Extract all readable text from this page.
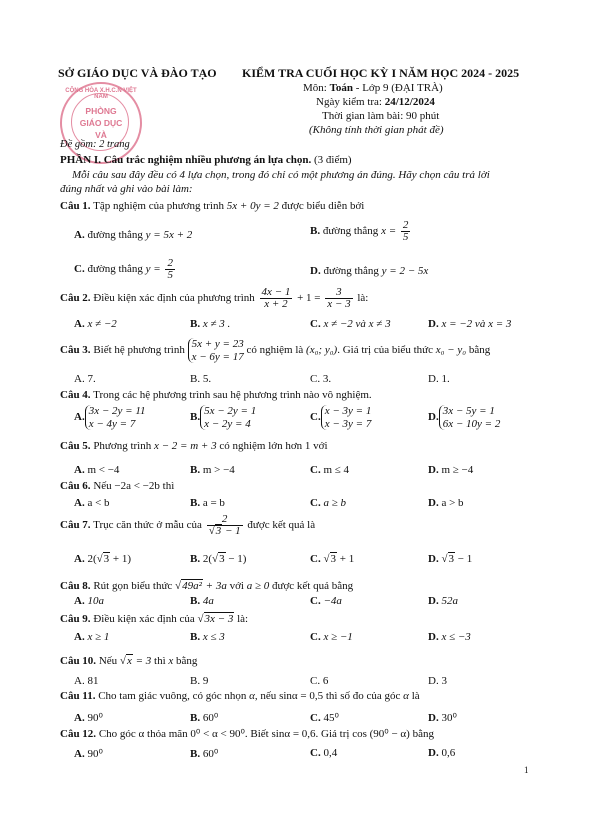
CỘNG HÒA X.H.C.N VIỆT NAM
PHÒNG
GIÁO DỤC
VÀ
SỞ GIÁO DỤC VÀ ĐÀO TẠO KIỂM TRA CUỐI HỌC KỲ I NĂM HỌC 2024 - 2025
Môn: Toán - Lớp 9 (ĐẠI TRÀ)
Ngày kiểm tra: 24/12/2024
Thời gian làm bài: 90 phút
(Không tính thời gian phát đề)
Đề gồm: 2 trang
PHẦN I. Câu trắc nghiệm nhiều phương án lựa chọn. (3 điểm)
Mỗi câu sau đây đều có 4 lựa chọn, trong đó chỉ có một phương án đúng. Hãy chọn câu trả lời
đúng nhất và ghi vào bài làm:
Câu 1. Tập nghiệm của phương trình 5x + 0y = 2 được biểu diễn bởi
A. đường thẳng y = 5x + 2	B. đường thẳng $x = \frac{2}{5}$
C. đường thẳng $y = \frac{2}{5}$	D. đường thẳng y = 2 − 5x
Câu 2. Điều kiện xác định của phương trình $\frac{4x - 1}{x + 2} + 1 = \frac{3}{x - 3}$ là:
A. x ≠ −2	B. x ≠ 3 .	C. x ≠ −2 và x ≠ 3	D. x = −2 và x = 3
Câu 3. Biết hệ phương trình
5x + y = 23
x − 6y = 17
có nghiệm là (x₀; y₀). Giá trị của biểu thức x₀ − y₀ bằng
A. 7.	B. 5.	C. 3.	D. 1.
Câu 4. Trong các hệ phương trình sau hệ phương trình nào vô nghiệm.
A.
3x − 2y = 11
x − 4y = 7
B.
5x − 2y = 1
x − 2y = 4
C.
x − 3y = 1
x − 3y = 7
D.
3x − 5y = 1
6x − 10y = 2
Câu 5. Phương trình x − 2 = m + 3 có nghiệm lớn hơn 1 với
A. m < −4	B. m > −4	C. m ≤ 4	D. m ≥ −4
Câu 6. Nếu −2a < −2b thì
A. a < b	B. a = b	C. a ≥ b	D. a > b
Câu 7. Trục căn thức ở mẫu của $\frac{2}{√3 - 1}$ được kết quả là
A. 2(√3 + 1)	B. 2(√3 − 1)	C. √3 + 1	D. √3 − 1
Câu 8. Rút gọn biểu thức √49a² + 3a với a ≥ 0 được kết quả bằng
A. 10a	B. 4a	C. −4a	D. 52a
Câu 9. Điều kiện xác định của √3x − 3 là:
A. x ≥ 1	B. x ≤ 3	C. x ≥ −1	D. x ≤ −3
Câu 10. Nếu √x = 3 thì x bằng
A. 81	B. 9	C. 6	D. 3
Câu 11. Cho tam giác vuông, có góc nhọn α, nếu sinα = 0,5 thì số đo của góc α là
A. 90⁰	B. 60⁰	C. 45⁰	D. 30⁰
Câu 12. Cho góc α thỏa mãn 0⁰ < α < 90⁰. Biết sinα = 0,6. Giá trị cos (90⁰ − α) bằng
A. 90⁰	B. 60⁰	C. 0,4	D. 0,6
1
